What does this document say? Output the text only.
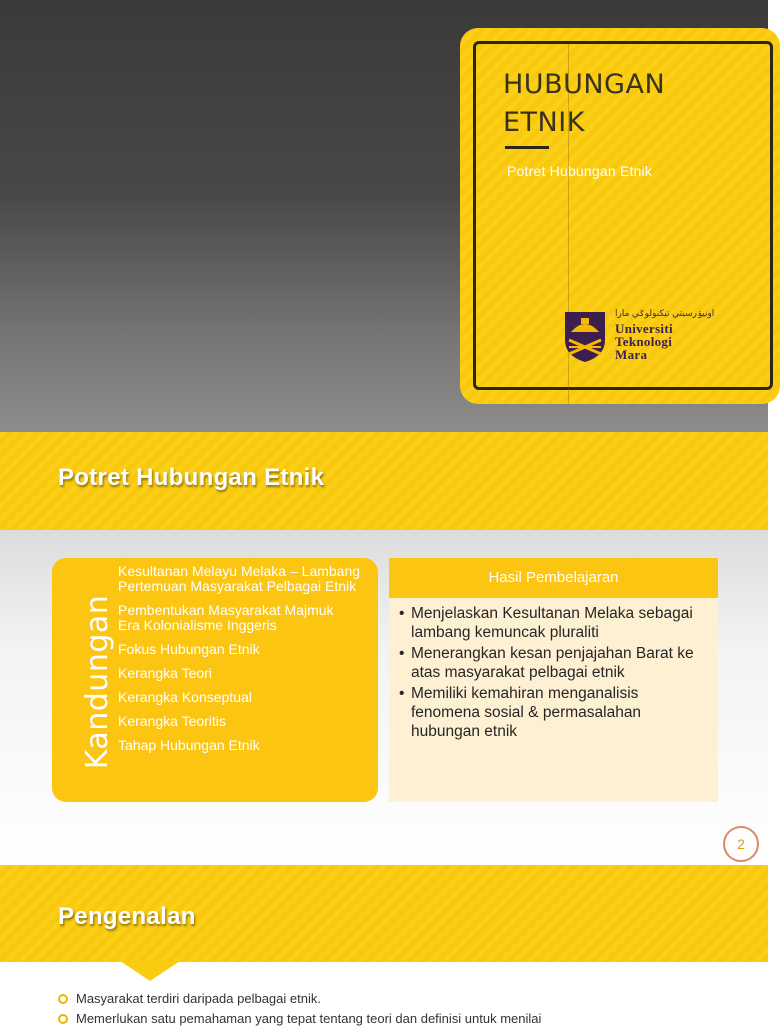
HUBUNGAN
ETNIK
Potret Hubungan Etnik
اونيۏرسيتي تيكنولوݢي مارا
Universiti
Teknologi
Mara
Potret Hubungan Etnik
Kandungan
Kesultanan Melayu Melaka – Lambang Pertemuan Masyarakat Pelbagai Etnik
Pembentukan Masyarakat Majmuk
Era Kolonialisme Inggeris
Fokus Hubungan Etnik
Kerangka Teori
Kerangka Konseptual
Kerangka Teoritis
Tahap Hubungan Etnik
Hasil Pembelajaran
• Menjelaskan Kesultanan Melaka sebagai lambang kemuncak pluraliti
• Menerangkan kesan penjajahan Barat ke atas masyarakat pelbagai etnik
• Memiliki kemahiran menganalisis fenomena sosial & permasalahan hubungan etnik
2
Pengenalan
Masyarakat terdiri daripada pelbagai etnik.
Memerlukan satu pemahaman yang tepat tentang teori dan definisi untuk menilai
